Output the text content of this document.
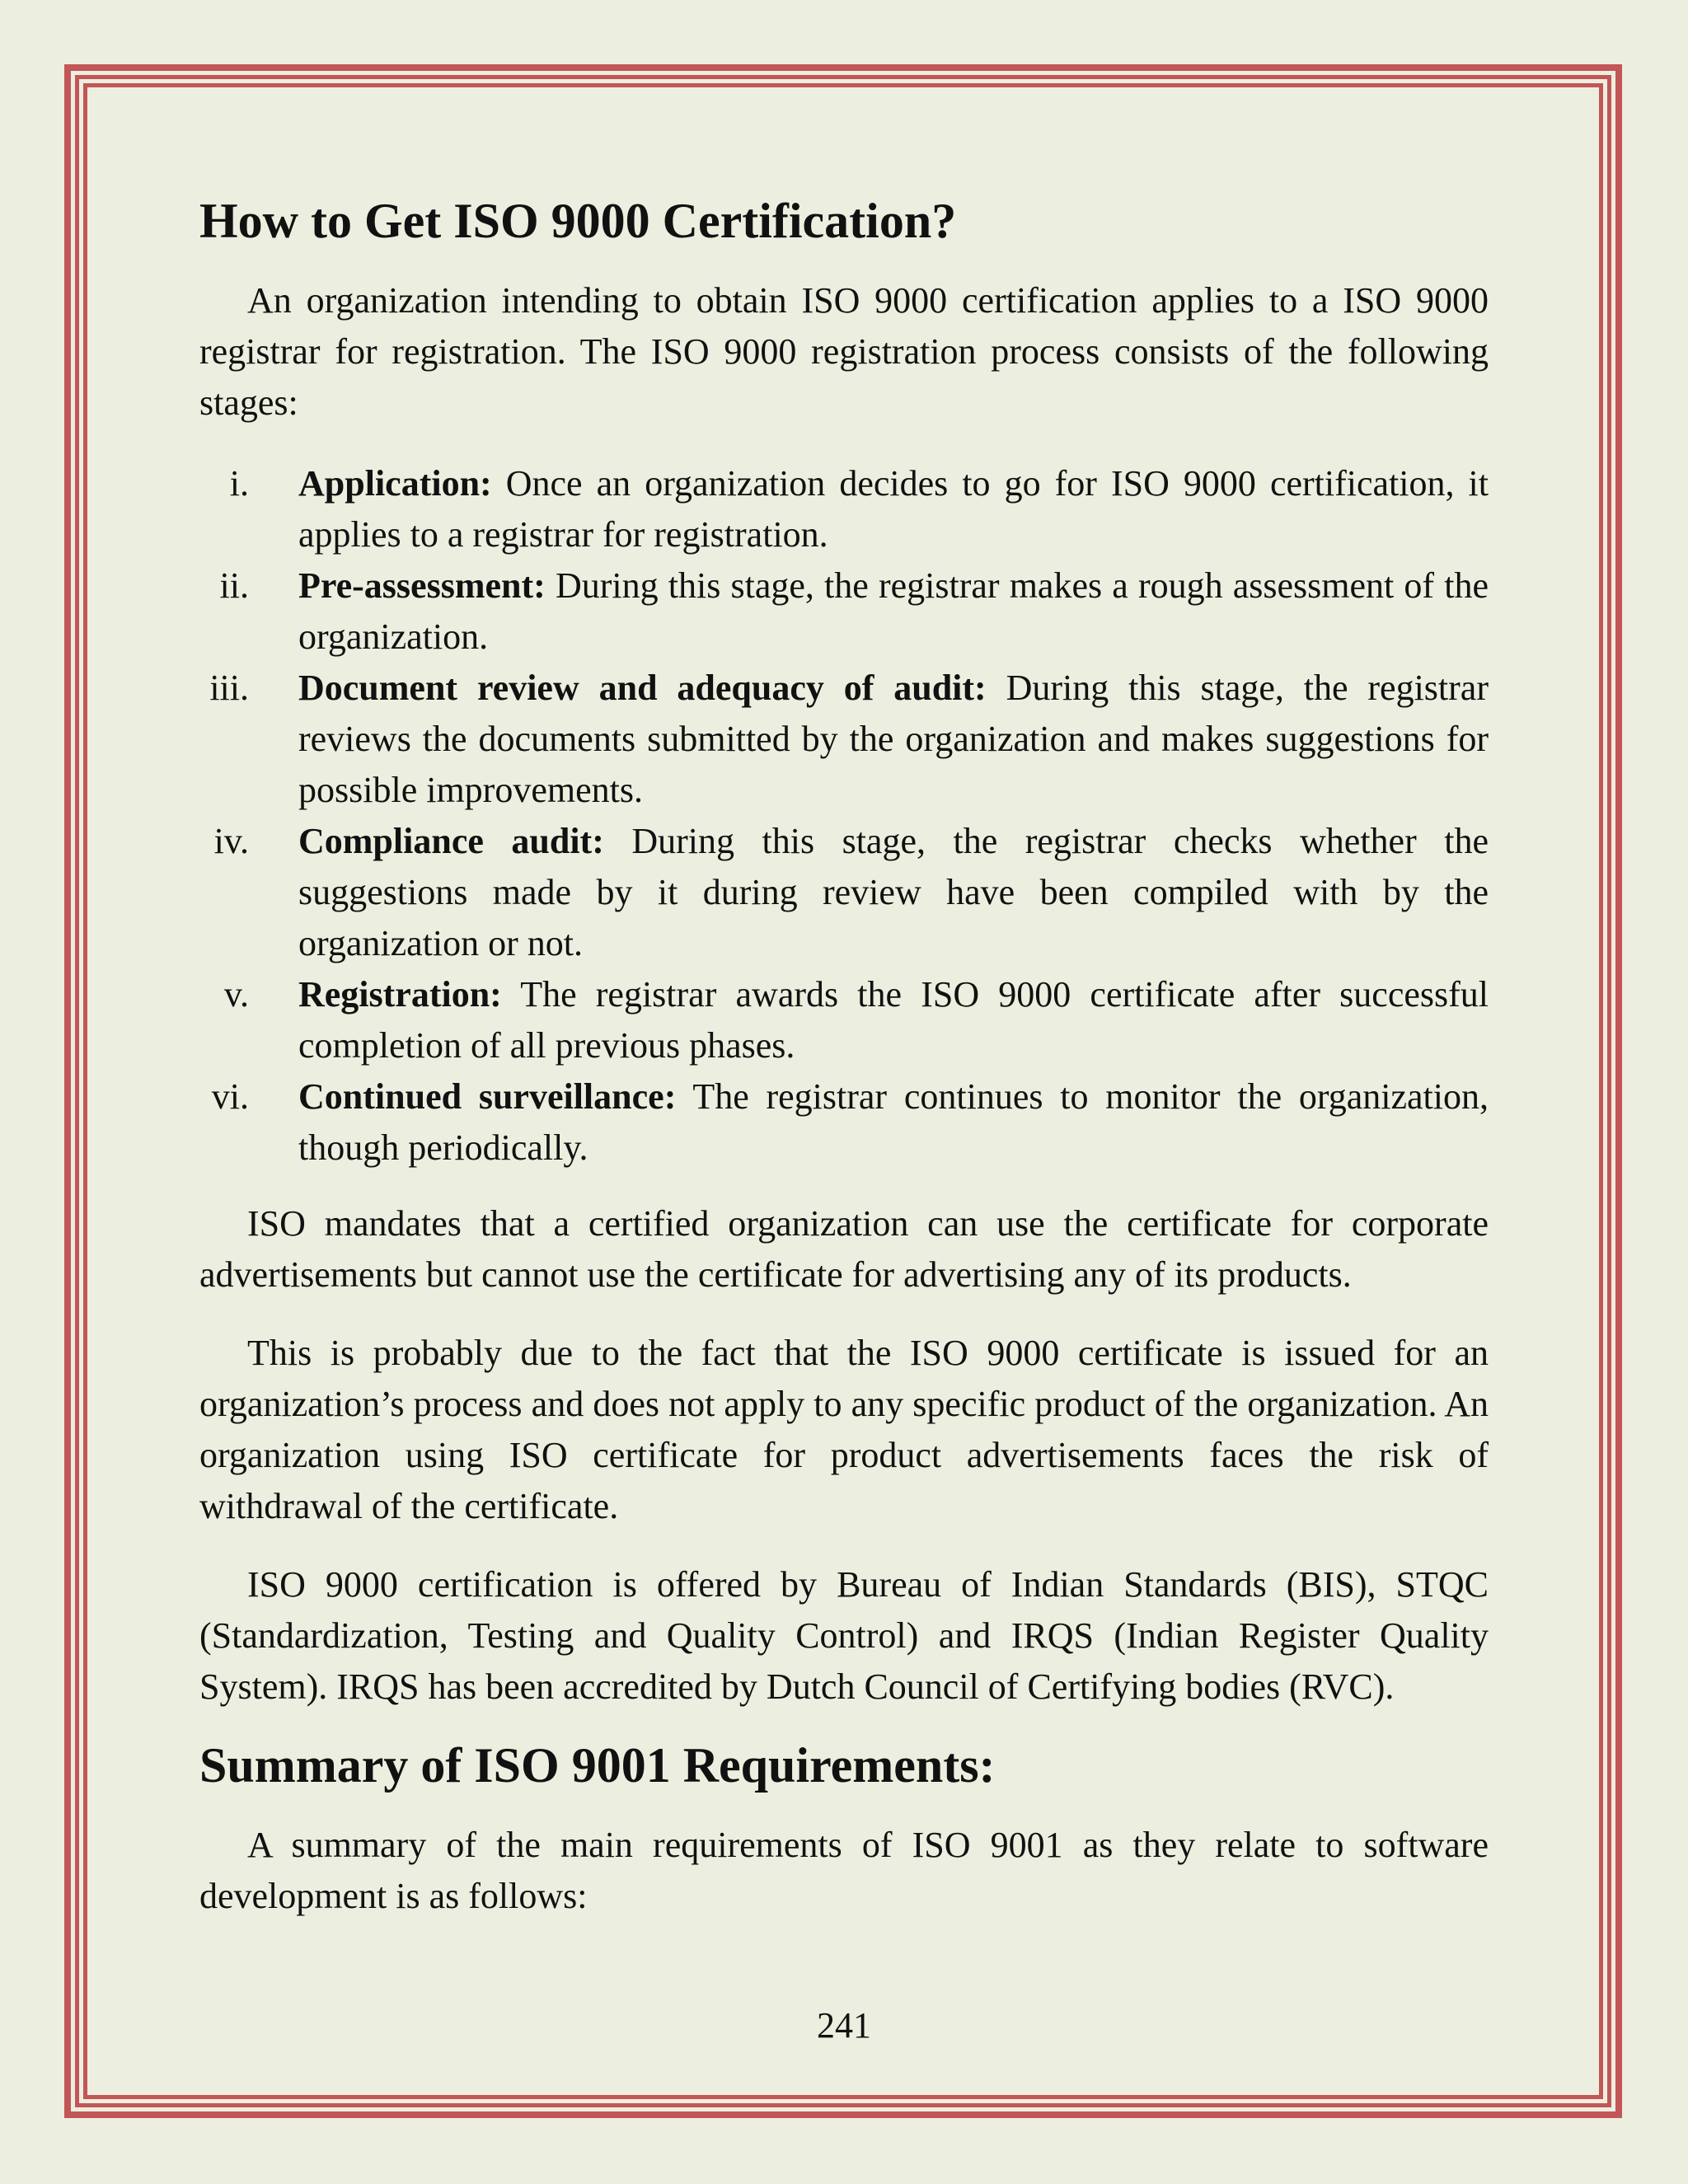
How to Get ISO 9000 Certification?

An organization intending to obtain ISO 9000 certification applies to a ISO 9000 registrar for registration. The ISO 9000 registration process consists of the following stages:

i. Application: Once an organization decides to go for ISO 9000 certification, it applies to a registrar for registration.
ii. Pre-assessment: During this stage, the registrar makes a rough assessment of the organization.
iii. Document review and adequacy of audit: During this stage, the registrar reviews the documents submitted by the organization and makes suggestions for possible improvements.
iv. Compliance audit: During this stage, the registrar checks whether the suggestions made by it during review have been compiled with by the organization or not.
v. Registration: The registrar awards the ISO 9000 certificate after successful completion of all previous phases.
vi. Continued surveillance: The registrar continues to monitor the organization, though periodically.

ISO mandates that a certified organization can use the certificate for corporate advertisements but cannot use the certificate for advertising any of its products.

This is probably due to the fact that the ISO 9000 certificate is issued for an organization’s process and does not apply to any specific product of the organization. An organization using ISO certificate for product advertisements faces the risk of withdrawal of the certificate.

ISO 9000 certification is offered by Bureau of Indian Standards (BIS), STQC (Standardization, Testing and Quality Control) and IRQS (Indian Register Quality System). IRQS has been accredited by Dutch Council of Certifying bodies (RVC).

Summary of ISO 9001 Requirements:

A summary of the main requirements of ISO 9001 as they relate to software development is as follows:

241
